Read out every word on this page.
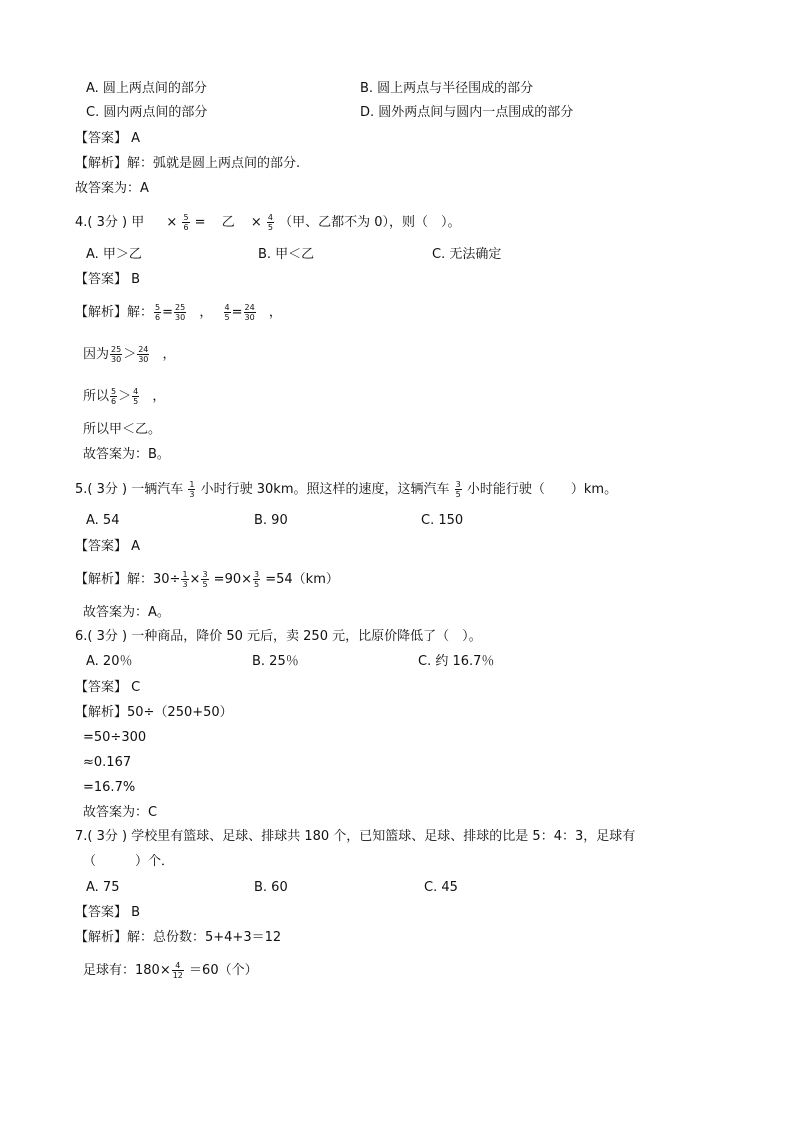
A. 圆上两点间的部分	B. 圆上两点与半径围成的部分
C. 圆内两点间的部分	D. 圆外两点间与圆内一点围成的部分
【答案】 A
【解析】解：弧就是圆上两点间的部分.
故答案为：A
4.( 3分 ) 甲 × $\frac{5}{6}$ = 乙 × $\frac{4}{5}$ （甲、乙都不为 0），则（　）。
A. 甲＞乙	B. 甲＜乙	C. 无法确定
【答案】 B
【解析】解： $\frac{5}{6} = \frac{25}{30}$ ， $\frac{4}{5} = \frac{24}{30}$ ，
因为 $\frac{25}{30} > \frac{24}{30}$ ，
所以 $\frac{5}{6} > \frac{4}{5}$ ，
所以甲＜乙。
故答案为：B。
5.( 3分 ) 一辆汽车 $\frac{1}{3}$ 小时行驶 30km。照这样的速度，这辆汽车 $\frac{3}{5}$ 小时能行驶（　　）km。
A. 54	B. 90	C. 150
【答案】 A
【解析】解：$30\div \frac{1}{3} \times \frac{3}{5} =90\times \frac{3}{5} =54(km)$
故答案为：A。
6.( 3分 ) 一种商品，降价 50 元后，卖 250 元，比原价降低了（　）。
A. 20％	B. 25％	C. 约 16.7％
【答案】 C
【解析】50÷（250+50）
=50÷300
≈0.167
=16.7%
故答案为：C
7.( 3分 ) 学校里有篮球、足球、排球共 180 个，已知篮球、足球、排球的比是 5：4：3，足球有
（　　　）个．
A. 75	B. 60	C. 45
【答案】 B
【解析】解：总份数：5+4+3＝12
足球有：$180\times \frac{4}{12} =60$（个）
